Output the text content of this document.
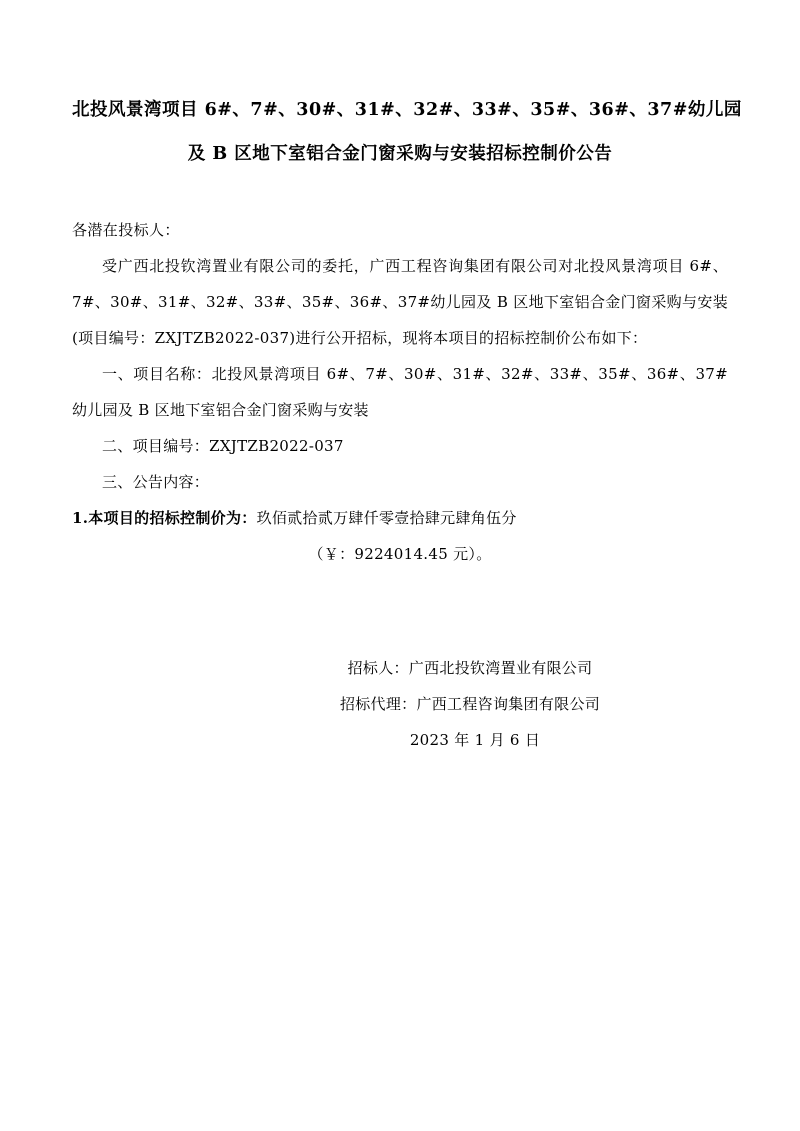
北投风景湾项目 6#、7#、30#、31#、32#、33#、35#、36#、37#幼儿园
及 B 区地下室铝合金门窗采购与安装招标控制价公告
各潜在投标人：

受广西北投钦湾置业有限公司的委托，广西工程咨询集团有限公司对北投风景湾项目 6#、7#、30#、31#、32#、33#、35#、36#、37#幼儿园及 B 区地下室铝合金门窗采购与安装(项目编号：ZXJTZB2022-037)进行公开招标，现将本项目的招标控制价公布如下：

一、项目名称：北投风景湾项目 6#、7#、30#、31#、32#、33#、35#、36#、37#幼儿园及 B 区地下室铝合金门窗采购与安装

二、项目编号：ZXJTZB2022-037

三、公告内容：

1.本项目的招标控制价为：玖佰贰拾贰万肆仟零壹拾肆元肆角伍分

（￥：9224014.45 元）。

招标人：广西北投钦湾置业有限公司
招标代理：广西工程咨询集团有限公司
2023 年 1 月 6 日
